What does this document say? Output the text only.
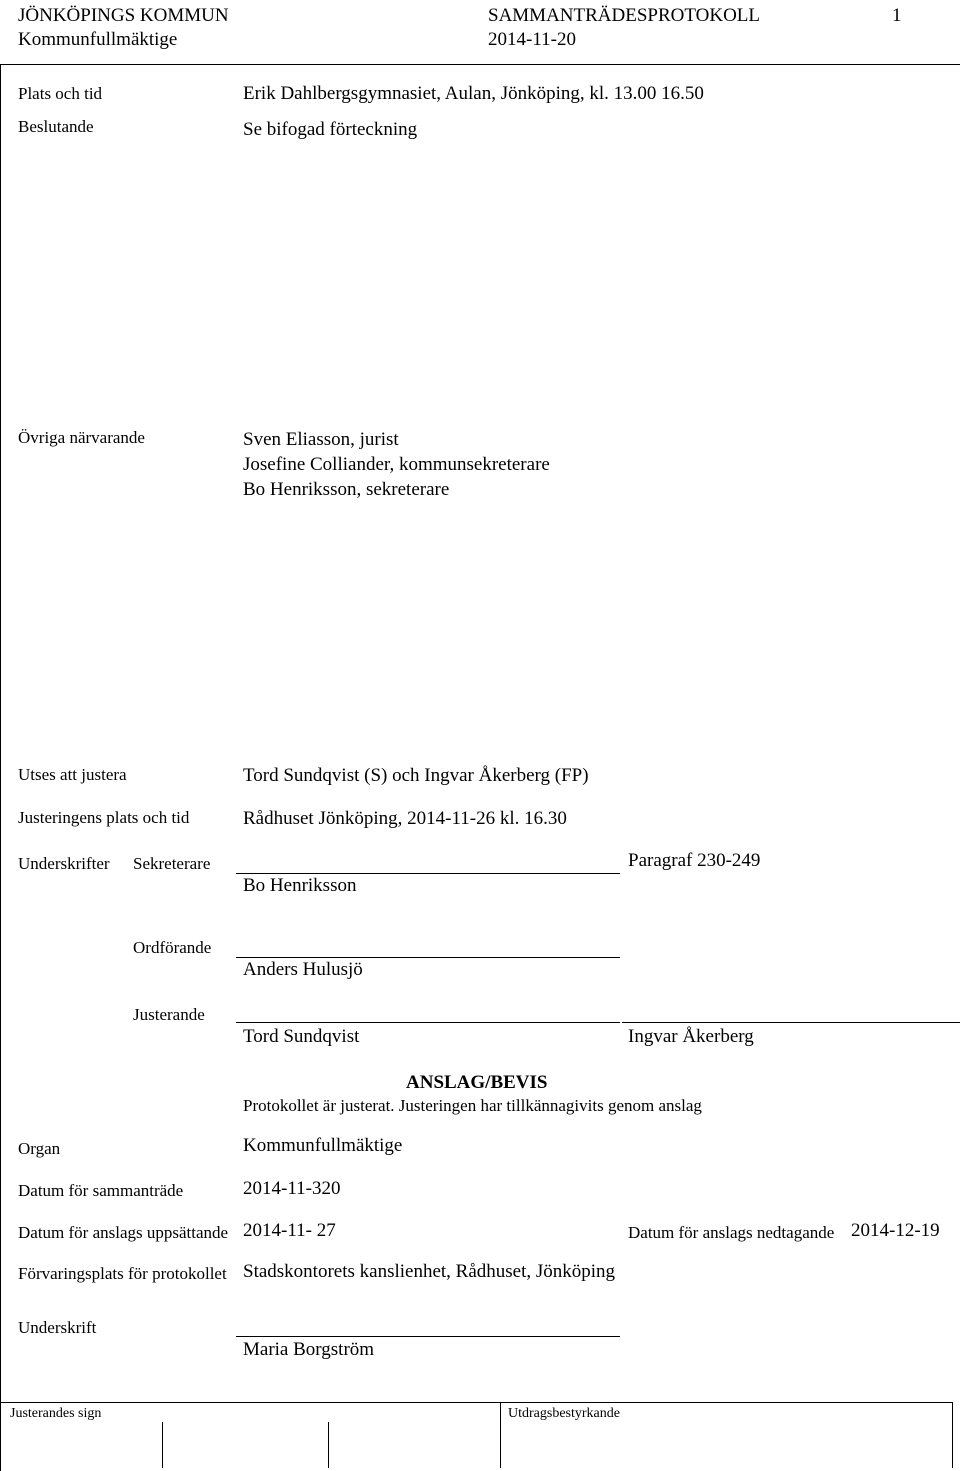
JÖNKÖPINGS KOMMUN
Kommunfullmäktige
SAMMANTRÄDESPROTOKOLL
2014-11-20
1
Plats och tid	Erik Dahlbergsgymnasiet, Aulan, Jönköping, kl. 13.00 16.50
Beslutande	Se bifogad förteckning
Övriga närvarande	Sven Eliasson, jurist
Josefine Colliander, kommunsekreterare
Bo Henriksson, sekreterare
Utses att justera	Tord Sundqvist (S) och Ingvar Åkerberg (FP)
Justeringens plats och tid	Rådhuset Jönköping, 2014-11-26 kl. 16.30
Underskrifter Sekreterare	Paragraf 230-249
Bo Henriksson
Ordförande
Anders Hulusjö
Justerande
Tord Sundqvist	Ingvar Åkerberg
ANSLAG/BEVIS
Protokollet är justerat. Justeringen har tillkännagivits genom anslag
Organ	Kommunfullmäktige
Datum för sammanträde	2014-11-320
Datum för anslags uppsättande 2014-11- 27	Datum för anslags nedtagande 2014-12-19
Förvaringsplats för protokollet Stadskontorets kanslienhet, Rådhuset, Jönköping
Underskrift
Maria Borgström
Justerandes sign	Utdragsbestyrkande
